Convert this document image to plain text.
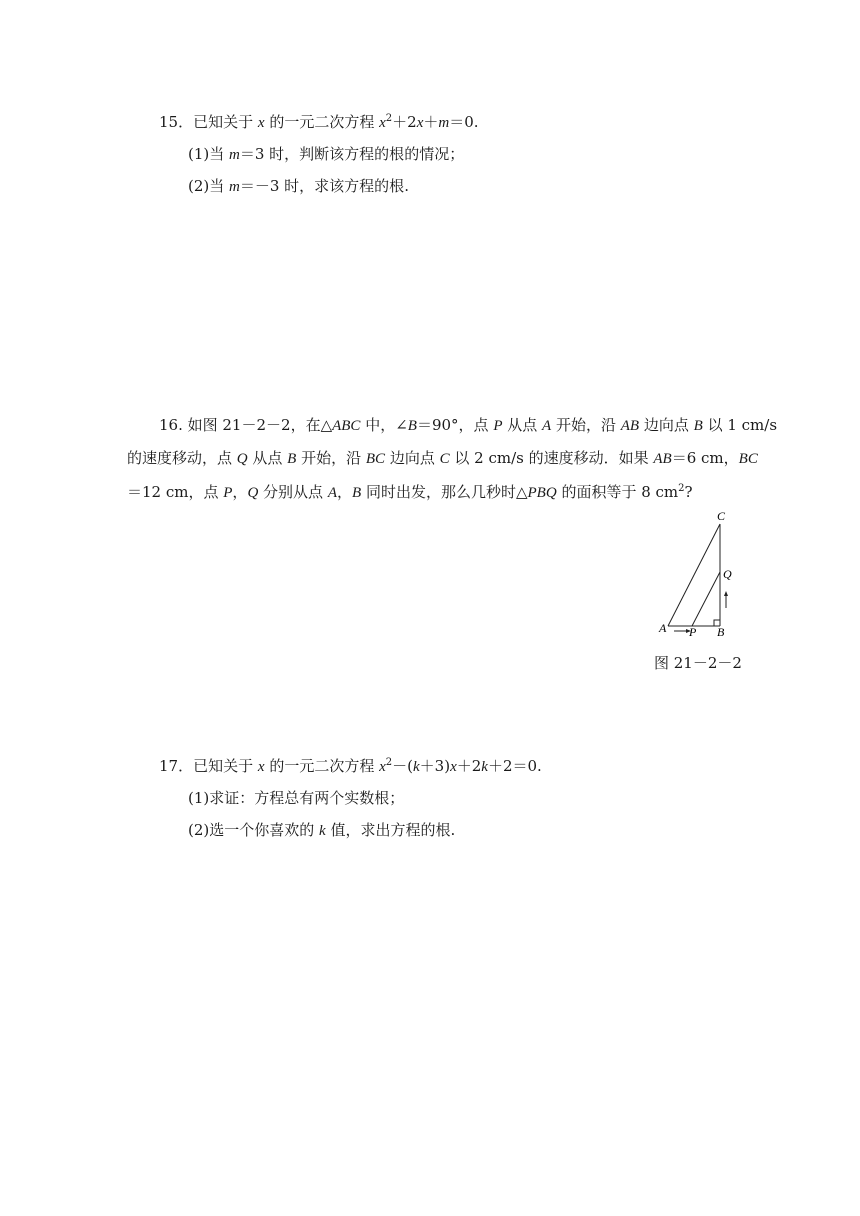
15．已知关于 x 的一元二次方程 $x^2+2x+m=0$.
(1)当 m＝3 时，判断该方程的根的情况；
(2)当 m＝－3 时，求该方程的根.
16. 如图 21－2－2，在△ABC 中，∠B＝90°，点 P 从点 A 开始，沿 AB 边向点 B 以 1 cm/s
的速度移动，点 Q 从点 B 开始，沿 BC 边向点 C 以 2 cm/s 的速度移动．如果 AB＝6 cm，BC
＝12 cm，点 P，Q 分别从点 A，B 同时出发，那么几秒时△PBQ 的面积等于 8 $cm^2$?
C
Q
A P B
图 21－2－2
17．已知关于 x 的一元二次方程 $x^2-(k+3)x+2k+2=0$.
(1)求证：方程总有两个实数根；
(2)选一个你喜欢的 k 值，求出方程的根.
